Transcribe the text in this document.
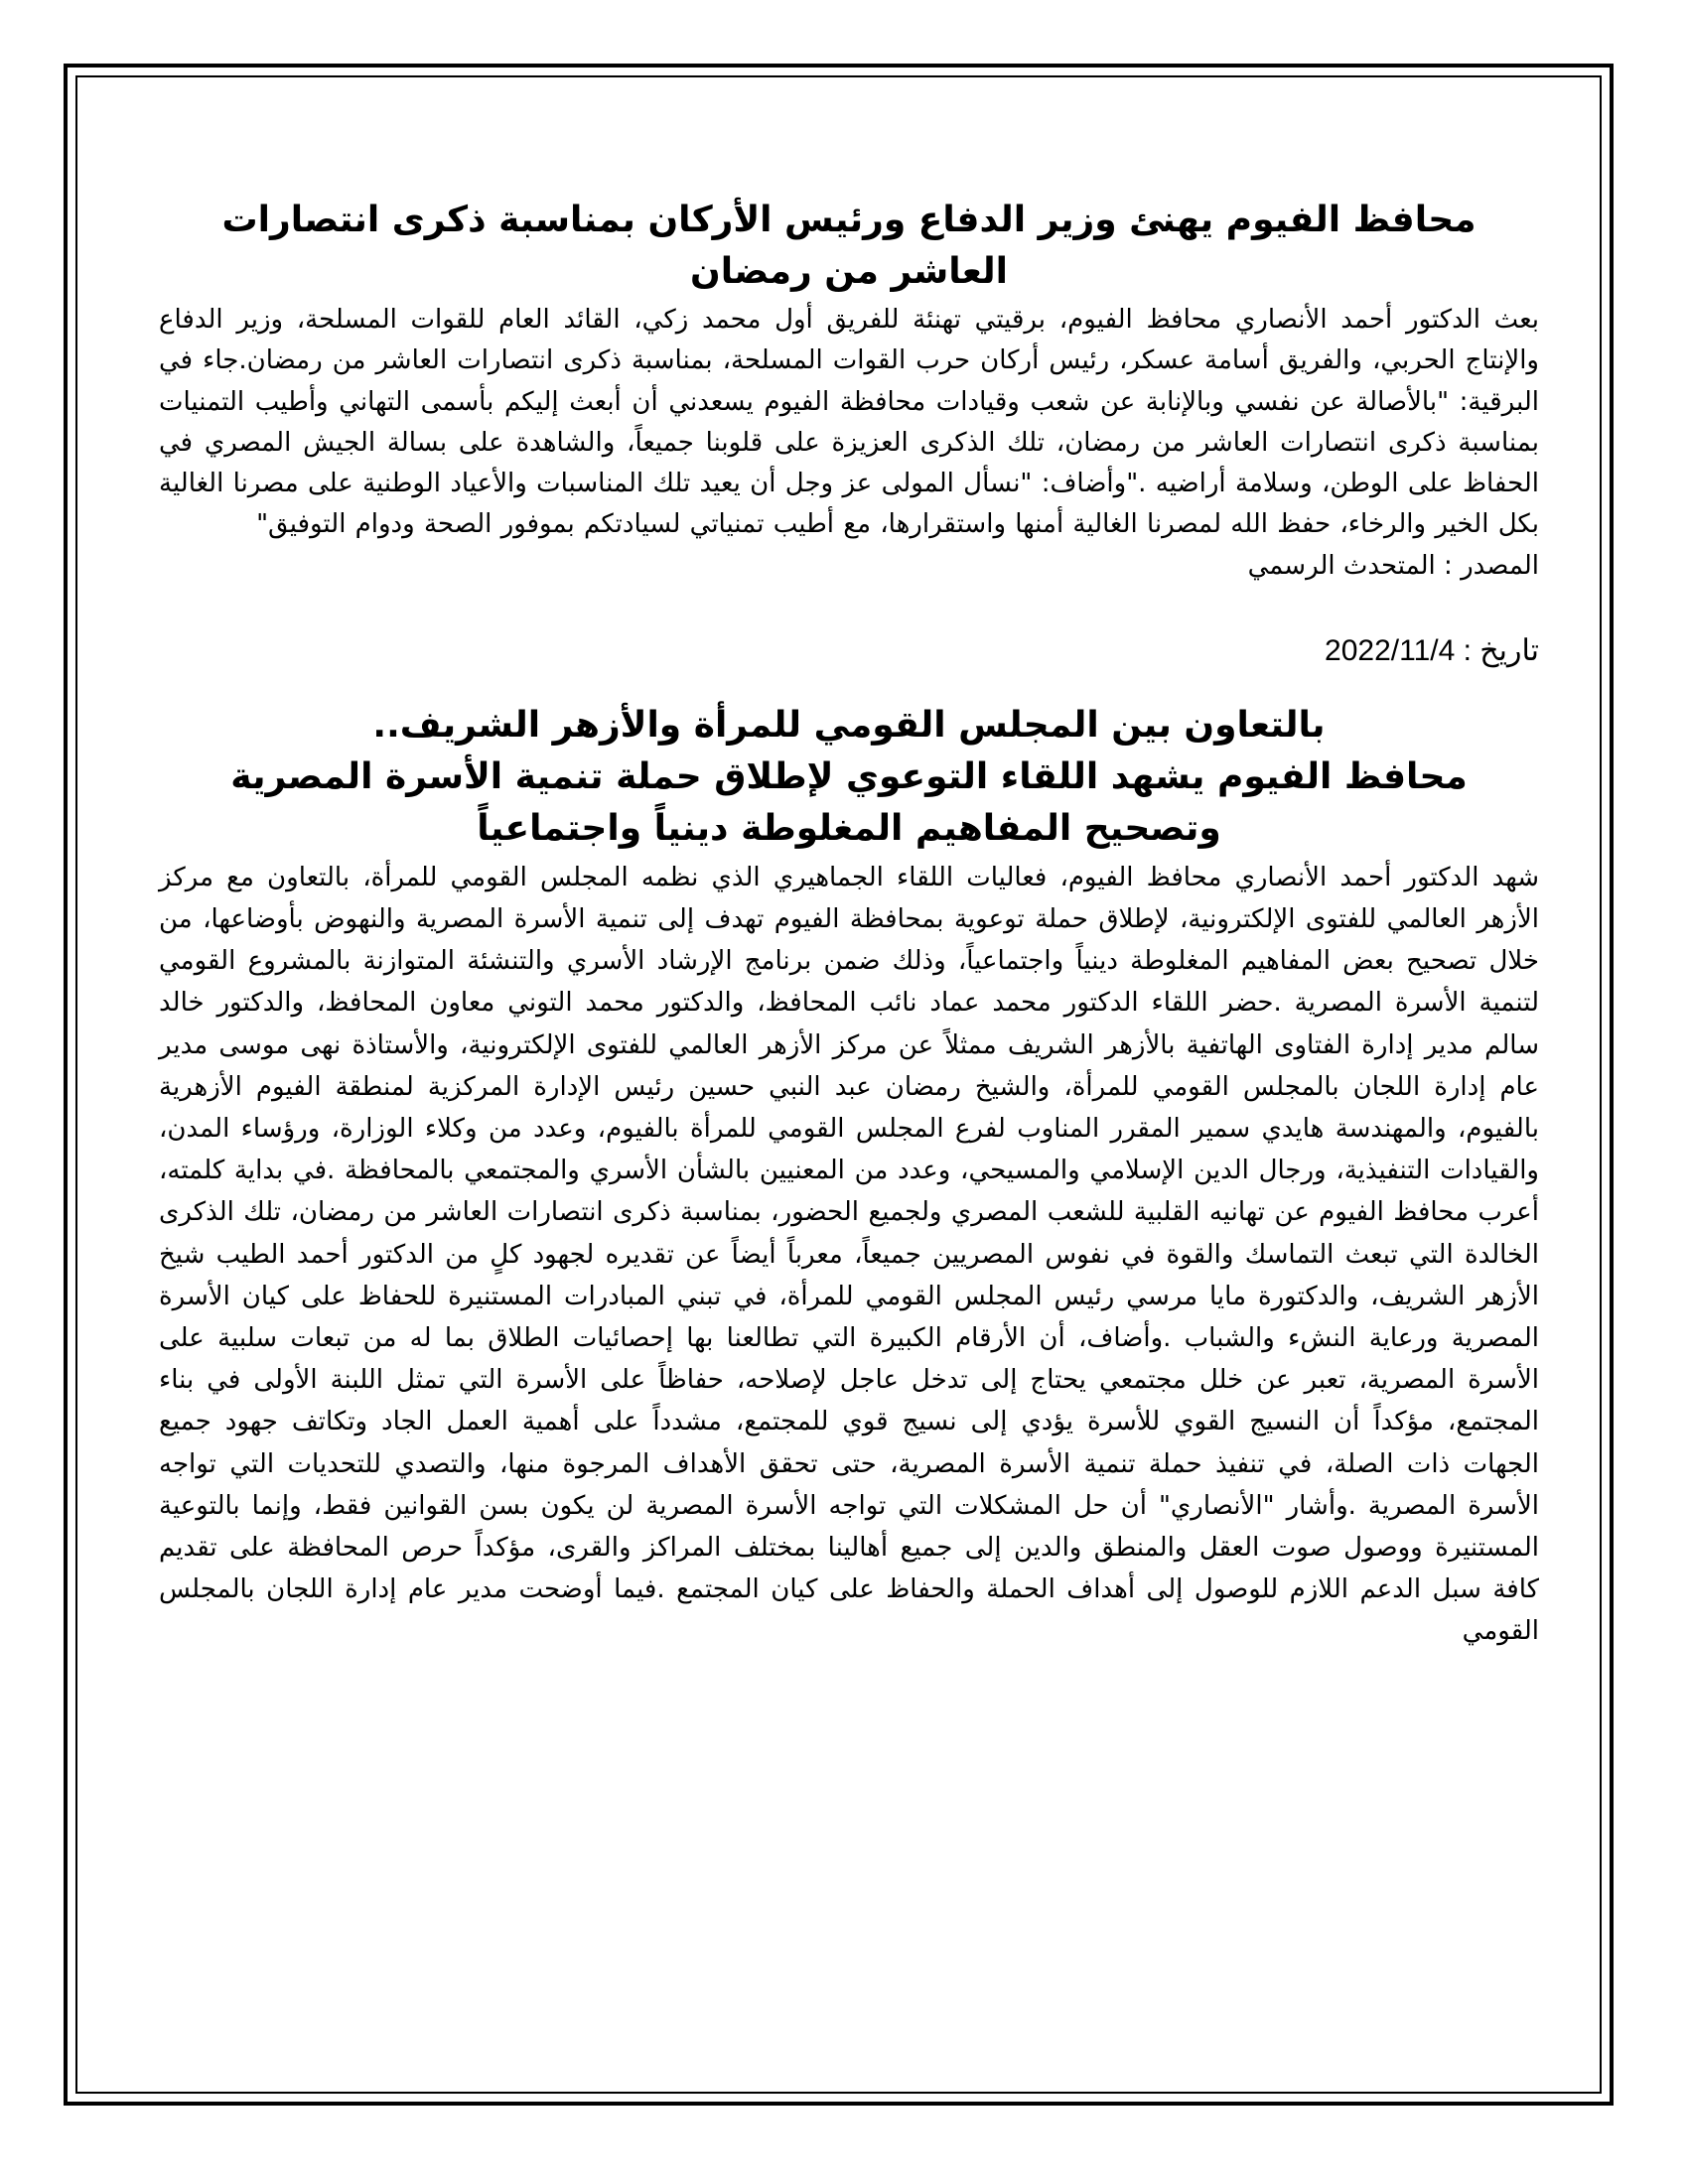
محافظ الفيوم يهنئ وزير الدفاع ورئيس الأركان بمناسبة ذكرى انتصارات العاشر من رمضان

بعث الدكتور أحمد الأنصاري محافظ الفيوم، برقيتي تهنئة للفريق أول محمد زكي، القائد العام للقوات المسلحة، وزير الدفاع والإنتاج الحربي، والفريق أسامة عسكر، رئيس أركان حرب القوات المسلحة، بمناسبة ذكرى انتصارات العاشر من رمضان.جاء في البرقية: "بالأصالة عن نفسي وبالإنابة عن شعب وقيادات محافظة الفيوم يسعدني أن أبعث إليكم بأسمى التهاني وأطيب التمنيات بمناسبة ذكرى انتصارات العاشر من رمضان، تلك الذكرى العزيزة على قلوبنا جميعاً، والشاهدة على بسالة الجيش المصري في الحفاظ على الوطن، وسلامة أراضيه ."وأضاف: "نسأل المولى عز وجل أن يعيد تلك المناسبات والأعياد الوطنية على مصرنا الغالية بكل الخير والرخاء، حفظ الله لمصرنا الغالية أمنها واستقرارها، مع أطيب تمنياتي لسيادتكم بموفور الصحة ودوام التوفيق"

المصدر : المتحدث الرسمي

تاريخ : 2022/11/4

بالتعاون بين المجلس القومي للمرأة والأزهر الشريف..
محافظ الفيوم يشهد اللقاء التوعوي لإطلاق حملة تنمية الأسرة المصرية وتصحيح المفاهيم المغلوطة دينياً واجتماعياً

شهد الدكتور أحمد الأنصاري محافظ الفيوم، فعاليات اللقاء الجماهيري الذي نظمه المجلس القومي للمرأة، بالتعاون مع مركز الأزهر العالمي للفتوى الإلكترونية، لإطلاق حملة توعوية بمحافظة الفيوم تهدف إلى تنمية الأسرة المصرية والنهوض بأوضاعها، من خلال تصحيح بعض المفاهيم المغلوطة دينياً واجتماعياً، وذلك ضمن برنامج الإرشاد الأسري والتنشئة المتوازنة بالمشروع القومي لتنمية الأسرة المصرية .حضر اللقاء الدكتور محمد عماد نائب المحافظ، والدكتور محمد التوني معاون المحافظ، والدكتور خالد سالم مدير إدارة الفتاوى الهاتفية بالأزهر الشريف ممثلاً عن مركز الأزهر العالمي للفتوى الإلكترونية، والأستاذة نهى موسى مدير عام إدارة اللجان بالمجلس القومي للمرأة، والشيخ رمضان عبد النبي حسين رئيس الإدارة المركزية لمنطقة الفيوم الأزهرية بالفيوم، والمهندسة هايدي سمير المقرر المناوب لفرع المجلس القومي للمرأة بالفيوم، وعدد من وكلاء الوزارة، ورؤساء المدن، والقيادات التنفيذية، ورجال الدين الإسلامي والمسيحي، وعدد من المعنيين بالشأن الأسري والمجتمعي بالمحافظة .في بداية كلمته، أعرب محافظ الفيوم عن تهانيه القلبية للشعب المصري ولجميع الحضور، بمناسبة ذكرى انتصارات العاشر من رمضان، تلك الذكرى الخالدة التي تبعث التماسك والقوة في نفوس المصريين جميعاً، معرباً أيضاً عن تقديره لجهود كلٍ من الدكتور أحمد الطيب شيخ الأزهر الشريف، والدكتورة مايا مرسي رئيس المجلس القومي للمرأة، في تبني المبادرات المستنيرة للحفاظ على كيان الأسرة المصرية ورعاية النشء والشباب .وأضاف، أن الأرقام الكبيرة التي تطالعنا بها إحصائيات الطلاق بما له من تبعات سلبية على الأسرة المصرية، تعبر عن خلل مجتمعي يحتاج إلى تدخل عاجل لإصلاحه، حفاظاً على الأسرة التي تمثل اللبنة الأولى في بناء المجتمع، مؤكداً أن النسيج القوي للأسرة يؤدي إلى نسيج قوي للمجتمع، مشدداً على أهمية العمل الجاد وتكاتف جهود جميع الجهات ذات الصلة، في تنفيذ حملة تنمية الأسرة المصرية، حتى تحقق الأهداف المرجوة منها، والتصدي للتحديات التي تواجه الأسرة المصرية .وأشار "الأنصاري" أن حل المشكلات التي تواجه الأسرة المصرية لن يكون بسن القوانين فقط، وإنما بالتوعية المستنيرة ووصول صوت العقل والمنطق والدين إلى جميع أهالينا بمختلف المراكز والقرى، مؤكداً حرص المحافظة على تقديم كافة سبل الدعم اللازم للوصول إلى أهداف الحملة والحفاظ على كيان المجتمع .فيما أوضحت مدير عام إدارة اللجان بالمجلس القومي
